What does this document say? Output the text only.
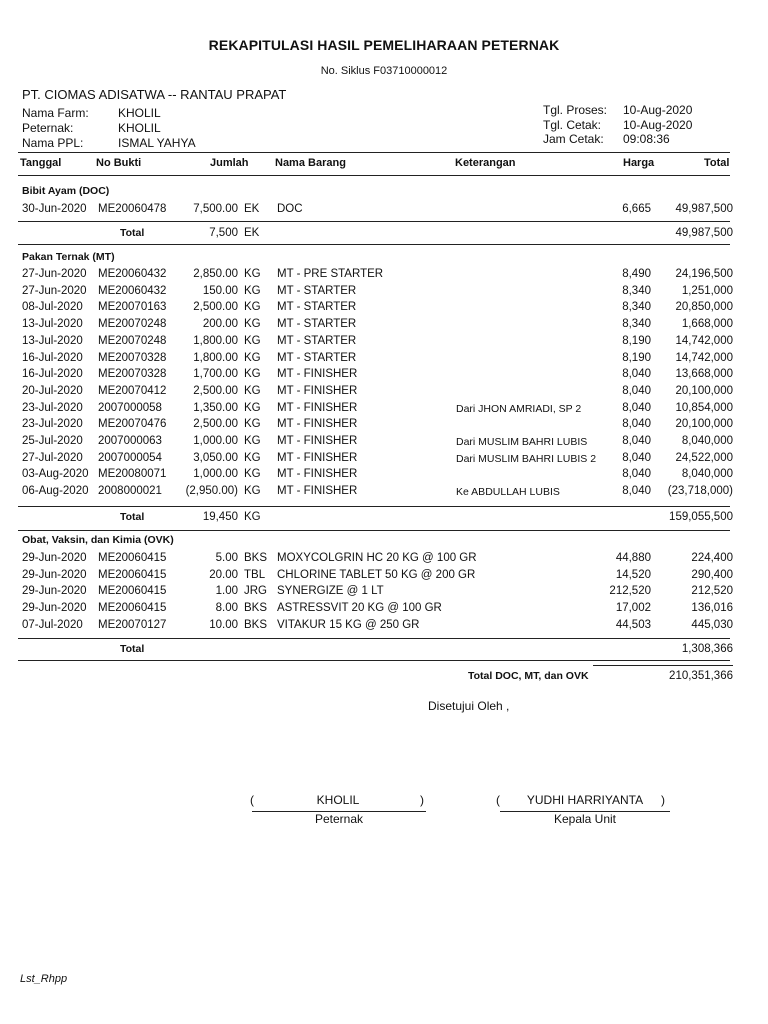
REKAPITULASI HASIL PEMELIHARAAN PETERNAK
No. Siklus F03710000012
PT. CIOMAS ADISATWA -- RANTAU PRAPAT
Nama Farm: KHOLIL
Peternak:	KHOLIL
Nama PPL:	ISMAL YAHYA
Tgl. Proses: 10-Aug-2020
Tgl. Cetak: 10-Aug-2020
Jam Cetak: 09:08:36
Tanggal	No Bukti	Jumlah Nama Barang	Keterangan	Harga	Total
Bibit Ayam (DOC)
30-Jun-2020 ME20060478 7,500.00 EK DOC	6,665 49,987,500
Total	7,500 EK	49,987,500
Pakan Ternak (MT)
27-Jun-2020 ME20060432 2,850.00 KG MT - PRE STARTER	8,490 24,196,500
27-Jun-2020 ME20060432	150.00 KG MT - STARTER	8,340	1,251,000
08-Jul-2020 ME20070163 2,500.00 KG MT - STARTER	8,340 20,850,000
13-Jul-2020 ME20070248	200.00 KG MT - STARTER	8,340	1,668,000
13-Jul-2020 ME20070248 1,800.00 KG MT - STARTER	8,190 14,742,000
16-Jul-2020 ME20070328 1,800.00 KG MT - STARTER	8,190 14,742,000
16-Jul-2020 ME20070328 1,700.00 KG MT - FINISHER	8,040 13,668,000
20-Jul-2020 ME20070412 2,500.00 KG MT - FINISHER	8,040 20,100,000
23-Jul-2020 2007000058	1,350.00 KG MT - FINISHER	Dari JHON AMRIADI, SP 2	8,040 10,854,000
23-Jul-2020 ME20070476 2,500.00 KG MT - FINISHER	8,040 20,100,000
25-Jul-2020 2007000063	1,000.00 KG MT - FINISHER	Dari MUSLIM BAHRI LUBIS	8,040	8,040,000
27-Jul-2020 2007000054	3,050.00 KG MT - FINISHER	Dari MUSLIM BAHRI LUBIS 2 8,040 24,522,000
03-Aug-2020 ME20080071 1,000.00 KG MT - FINISHER	8,040	8,040,000
06-Aug-2020 2008000021 (2,950.00) KG MT - FINISHER	Ke ABDULLAH LUBIS	8,040 (23,718,000)
Total	19,450 KG	159,055,500
Obat, Vaksin, dan Kimia (OVK)
29-Jun-2020 ME20060415	5.00 BKS MOXYCOLGRIN HC 20 KG @ 100 GR	44,880	224,400
29-Jun-2020 ME20060415	20.00 TBL CHLORINE TABLET 50 KG @ 200 GR	14,520	290,400
29-Jun-2020 ME20060415	1.00 JRG SYNERGIZE @ 1 LT	212,520	212,520
29-Jun-2020 ME20060415	8.00 BKS ASTRESSVIT 20 KG @ 100 GR	17,002	136,016
07-Jul-2020 ME20070127	10.00 BKS VITAKUR 15 KG @ 250 GR	44,503	445,030
Total	1,308,366
Total DOC, MT, dan OVK	210,351,366
Disetujui Oleh ,
(	KHOLIL	)
Peternak
(	YUDHI HARRIYANTA	)
Kepala Unit
Lst_Rhpp
